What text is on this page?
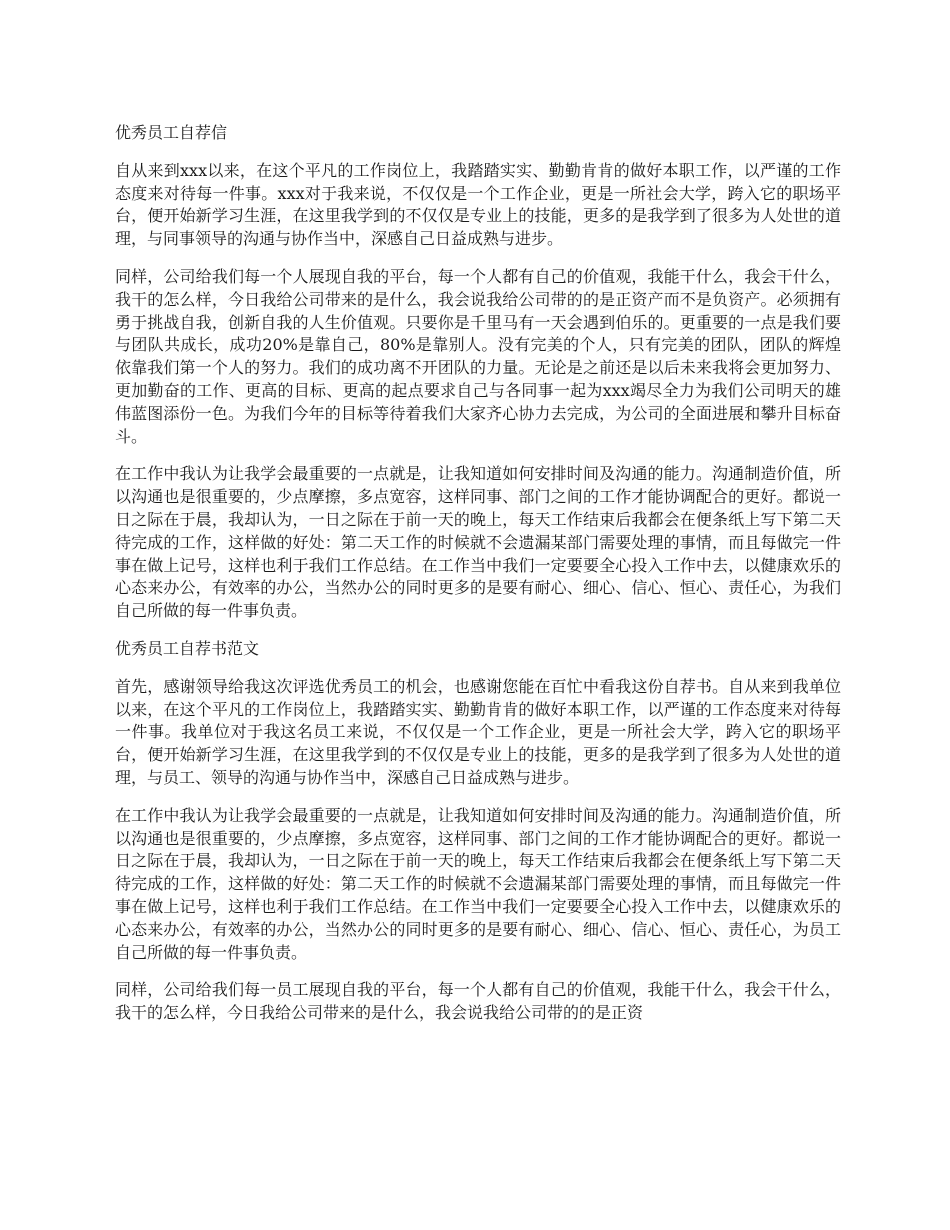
优秀员工自荐信

自从来到xxx以来，在这个平凡的工作岗位上，我踏踏实实、勤勤肯肯的做好本职工作，以严谨的工作态度来对待每一件事。xxx对于我来说，不仅仅是一个工作企业，更是一所社会大学，跨入它的职场平台，便开始新学习生涯，在这里我学到的不仅仅是专业上的技能，更多的是我学到了很多为人处世的道理，与同事领导的沟通与协作当中，深感自己日益成熟与进步。

同样，公司给我们每一个人展现自我的平台，每一个人都有自己的价值观，我能干什么，我会干什么，我干的怎么样，今日我给公司带来的是什么，我会说我给公司带的的是正资产而不是负资产。必须拥有勇于挑战自我，创新自我的人生价值观。只要你是千里马有一天会遇到伯乐的。更重要的一点是我们要与团队共成长，成功20%是靠自己，80%是靠别人。没有完美的个人，只有完美的团队，团队的辉煌依靠我们第一个人的努力。我们的成功离不开团队的力量。无论是之前还是以后未来我将会更加努力、更加勤奋的工作、更高的目标、更高的起点要求自己与各同事一起为xxx竭尽全力为我们公司明天的雄伟蓝图添份一色。为我们今年的目标等待着我们大家齐心协力去完成，为公司的全面进展和攀升目标奋斗。

在工作中我认为让我学会最重要的一点就是，让我知道如何安排时间及沟通的能力。沟通制造价值，所以沟通也是很重要的，少点摩擦，多点宽容，这样同事、部门之间的工作才能协调配合的更好。都说一日之际在于晨，我却认为，一日之际在于前一天的晚上，每天工作结束后我都会在便条纸上写下第二天待完成的工作，这样做的好处：第二天工作的时候就不会遗漏某部门需要处理的事情，而且每做完一件事在做上记号，这样也利于我们工作总结。在工作当中我们一定要要全心投入工作中去，以健康欢乐的心态来办公，有效率的办公，当然办公的同时更多的是要有耐心、细心、信心、恒心、责任心，为我们自己所做的每一件事负责。

优秀员工自荐书范文

首先，感谢领导给我这次评选优秀员工的机会，也感谢您能在百忙中看我这份自荐书。自从来到我单位以来，在这个平凡的工作岗位上，我踏踏实实、勤勤肯肯的做好本职工作，以严谨的工作态度来对待每一件事。我单位对于我这名员工来说，不仅仅是一个工作企业，更是一所社会大学，跨入它的职场平台，便开始新学习生涯，在这里我学到的不仅仅是专业上的技能，更多的是我学到了很多为人处世的道理，与员工、领导的沟通与协作当中，深感自己日益成熟与进步。

在工作中我认为让我学会最重要的一点就是，让我知道如何安排时间及沟通的能力。沟通制造价值，所以沟通也是很重要的，少点摩擦，多点宽容，这样同事、部门之间的工作才能协调配合的更好。都说一日之际在于晨，我却认为，一日之际在于前一天的晚上，每天工作结束后我都会在便条纸上写下第二天待完成的工作，这样做的好处：第二天工作的时候就不会遗漏某部门需要处理的事情，而且每做完一件事在做上记号，这样也利于我们工作总结。在工作当中我们一定要要全心投入工作中去，以健康欢乐的心态来办公，有效率的办公，当然办公的同时更多的是要有耐心、细心、信心、恒心、责任心，为员工自己所做的每一件事负责。

同样，公司给我们每一员工展现自我的平台，每一个人都有自己的价值观，我能干什么，我会干什么，我干的怎么样，今日我给公司带来的是什么，我会说我给公司带的的是正资
